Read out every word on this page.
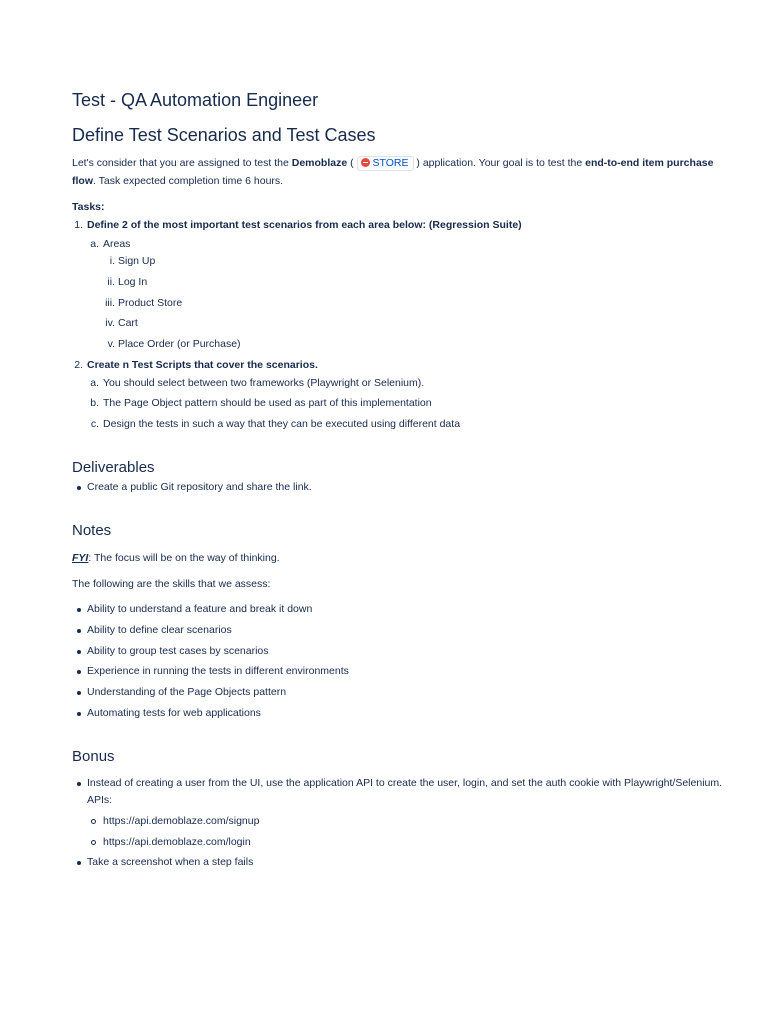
Test - QA Automation Engineer
Define Test Scenarios and Test Cases
Let's consider that you are assigned to test the Demoblaze ( STORE ) application. Your goal is to test the end-to-end item purchase
flow. Task expected completion time 6 hours.
Tasks:
1. Define 2 of the most important test scenarios from each area below: (Regression Suite)
a. Areas
i. Sign Up
ii. Log In
iii. Product Store
iv. Cart
v. Place Order (or Purchase)
2. Create n Test Scripts that cover the scenarios.
a. You should select between two frameworks (Playwright or Selenium).
b. The Page Object pattern should be used as part of this implementation
c. Design the tests in such a way that they can be executed using different data
Deliverables
Create a public Git repository and share the link.
Notes
FYI: The focus will be on the way of thinking.
The following are the skills that we assess:
Ability to understand a feature and break it down
Ability to define clear scenarios
Ability to group test cases by scenarios
Experience in running the tests in different environments
Understanding of the Page Objects pattern
Automating tests for web applications
Bonus
Instead of creating a user from the UI, use the application API to create the user, login, and set the auth cookie with Playwright/Selenium.
APIs:
https://api.demoblaze.com/signup
https://api.demoblaze.com/login
Take a screenshot when a step fails
